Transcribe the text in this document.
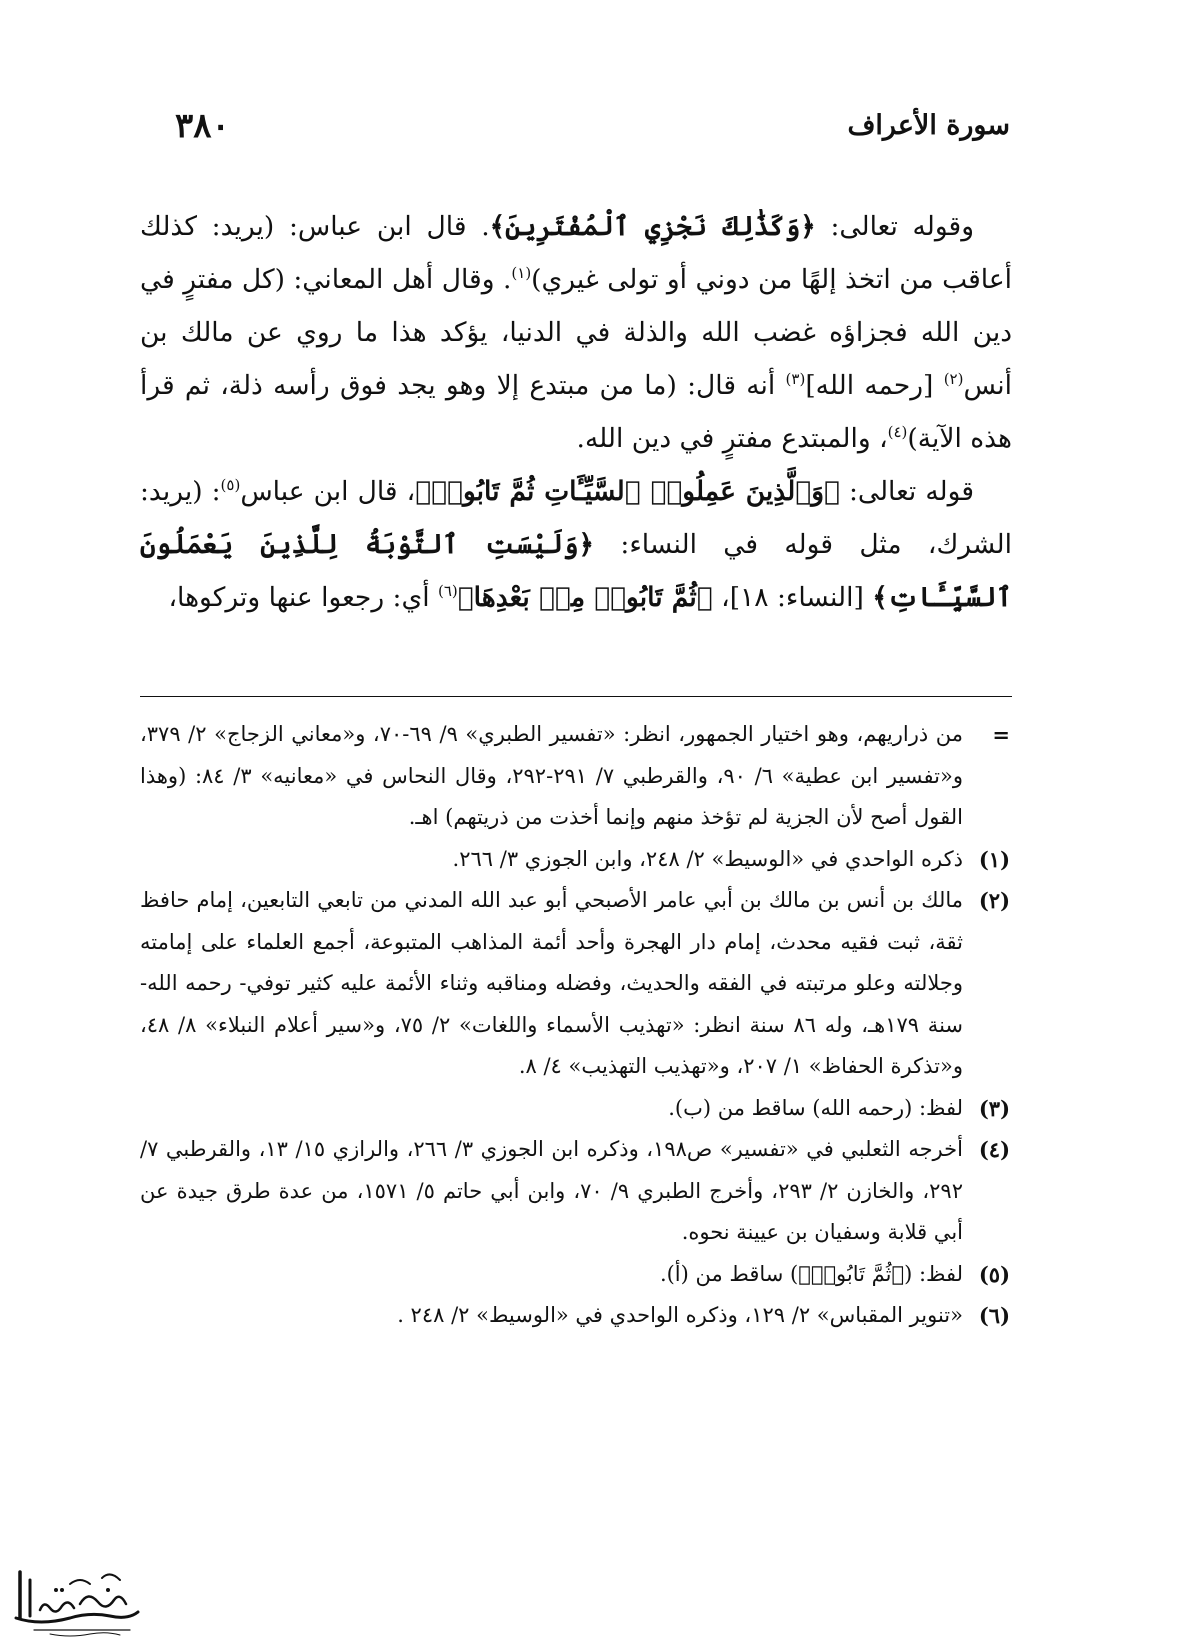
سورة الأعراف
٣٨٠

وقوله تعالى: ﴿وَكَذَٰلِكَ نَجْزِي ٱلْمُفْتَرِينَ﴾. قال ابن عباس: (يريد: كذلك أعاقب من اتخذ إلهًا من دوني أو تولى غيري)$^{(١)}$. وقال أهل المعاني: (كل مفترٍ في دين الله فجزاؤه غضب الله والذلة في الدنيا، يؤكد هذا ما روي عن مالك بن أنس$^{(٢)}$ [رحمه الله]$^{(٣)}$ أنه قال: (ما من مبتدع إلا وهو يجد فوق رأسه ذلة، ثم قرأ هذه الآية)$^{(٤)}$، والمبتدع مفترٍ في دين الله.

قوله تعالى: ﴿وَٱلَّذِينَ عَمِلُوا۟ ٱلسَّيِّـَٔاتِ ثُمَّ تَابُوا۟﴾، قال ابن عباس$^{(٥)}$: (يريد: الشرك، مثل قوله في النساء: ﴿وَلَيْسَتِ ٱلتَّوْبَةُ لِلَّذِينَ يَعْمَلُونَ ٱلسَّيِّـَٔاتِ﴾ [النساء: ١٨]، ﴿ثُمَّ تَابُوا۟ مِنۢ بَعْدِهَا﴾$^{(٦)}$ أي: رجعوا عنها وتركوها،

=
من ذراريهم، وهو اختيار الجمهور، انظر: «تفسير الطبري» ٩/ ٦٩-٧٠، و«معاني الزجاج» ٢/ ٣٧٩، و«تفسير ابن عطية» ٦/ ٩٠، والقرطبي ٧/ ٢٩١-٢٩٢، وقال النحاس في «معانيه» ٣/ ٨٤: (وهذا القول أصح لأن الجزية لم تؤخذ منهم وإنما أخذت من ذريتهم) اهـ.
(١)
ذكره الواحدي في «الوسيط» ٢/ ٢٤٨، وابن الجوزي ٣/ ٢٦٦.
(٢)
مالك بن أنس بن مالك بن أبي عامر الأصبحي أبو عبد الله المدني من تابعي التابعين، إمام حافظ ثقة، ثبت فقيه محدث، إمام دار الهجرة وأحد أئمة المذاهب المتبوعة، أجمع العلماء على إمامته وجلالته وعلو مرتبته في الفقه والحديث، وفضله ومناقبه وثناء الأئمة عليه كثير توفي- رحمه الله- سنة ١٧٩هـ، وله ٨٦ سنة انظر: «تهذيب الأسماء واللغات» ٢/ ٧٥، و«سير أعلام النبلاء» ٨/ ٤٨، و«تذكرة الحفاظ» ١/ ٢٠٧، و«تهذيب التهذيب» ٤/ ٨.
(٣)
لفظ: (رحمه الله) ساقط من (ب).
(٤)
أخرجه الثعلبي في «تفسير» ص١٩٨، وذكره ابن الجوزي ٣/ ٢٦٦، والرازي ١٥/ ١٣، والقرطبي ٧/ ٢٩٢، والخازن ٢/ ٢٩٣، وأخرج الطبري ٩/ ٧٠، وابن أبي حاتم ٥/ ١٥٧١، من عدة طرق جيدة عن أبي قلابة وسفيان بن عيينة نحوه.
(٥)
لفظ: (﴿ثُمَّ تَابُوا۟﴾) ساقط من (أ).
(٦)
«تنوير المقباس» ٢/ ١٢٩، وذكره الواحدي في «الوسيط» ٢/ ٢٤٨ .
